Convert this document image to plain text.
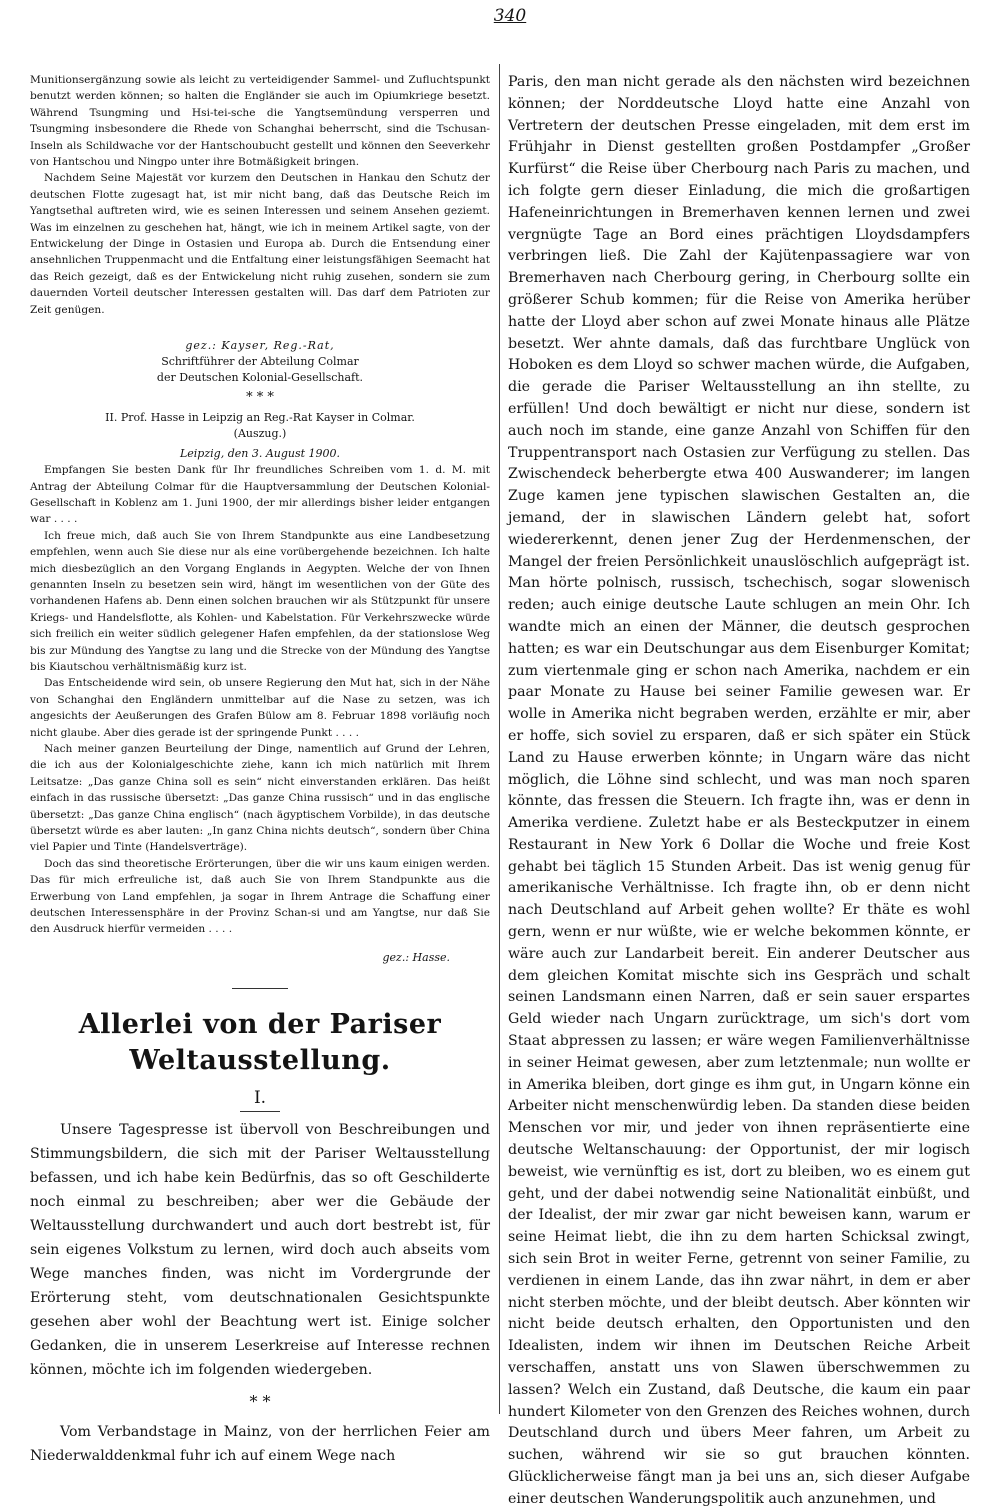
340

Munitionsergänzung sowie als leicht zu verteidigender Sammel- und Zufluchtspunkt benutzt werden können; so halten die Engländer sie auch im Opiumkriege besetzt. Während Tsungming und Hsi-tei-sche die Yangtsemündung versperren und Tsungming insbesondere die Rhede von Schanghai beherrscht, sind die Tschusan-Inseln als Schildwache vor der Hantschoubucht gestellt und können den Seeverkehr von Hantschou und Ningpo unter ihre Botmäßigkeit bringen.

Nachdem Seine Majestät vor kurzem den Deutschen in Hankau den Schutz der deutschen Flotte zugesagt hat, ist mir nicht bang, daß das Deutsche Reich im Yangtsethal auftreten wird, wie es seinen Interessen und seinem Ansehen geziemt. Was im einzelnen zu geschehen hat, hängt, wie ich in meinem Artikel sagte, von der Entwickelung der Dinge in Ostasien und Europa ab. Durch die Entsendung einer ansehnlichen Truppenmacht und die Entfaltung einer leistungsfähigen Seemacht hat das Reich gezeigt, daß es der Entwickelung nicht ruhig zusehen, sondern sie zum dauernden Vorteil deutscher Interessen gestalten will. Das darf dem Patrioten zur Zeit genügen.

gez.: Kayser, Reg.-Rat,
Schriftführer der Abteilung Colmar
der Deutschen Kolonial-Gesellschaft.
* * *
II. Prof. Hasse in Leipzig an Reg.-Rat Kayser in Colmar.
(Auszug.)
Leipzig, den 3. August 1900.

Empfangen Sie besten Dank für Ihr freundliches Schreiben vom 1. d. M. mit Antrag der Abteilung Colmar für die Hauptversammlung der Deutschen Kolonial-Gesellschaft in Koblenz am 1. Juni 1900, der mir allerdings bisher leider entgangen war . . . .

Ich freue mich, daß auch Sie von Ihrem Standpunkte aus eine Landbesetzung empfehlen, wenn auch Sie diese nur als eine vorübergehende bezeichnen. Ich halte mich diesbezüglich an den Vorgang Englands in Aegypten. Welche der von Ihnen genannten Inseln zu besetzen sein wird, hängt im wesentlichen von der Güte des vorhandenen Hafens ab. Denn einen solchen brauchen wir als Stützpunkt für unsere Kriegs- und Handelsflotte, als Kohlen- und Kabelstation. Für Verkehrszwecke würde sich freilich ein weiter südlich gelegener Hafen empfehlen, da der stationslose Weg bis zur Mündung des Yangtse zu lang und die Strecke von der Mündung des Yangtse bis Kiautschou verhältnismäßig kurz ist.

Das Entscheidende wird sein, ob unsere Regierung den Mut hat, sich in der Nähe von Schanghai den Engländern unmittelbar auf die Nase zu setzen, was ich angesichts der Aeußerungen des Grafen Bülow am 8. Februar 1898 vorläufig noch nicht glaube. Aber dies gerade ist der springende Punkt . . . .

Nach meiner ganzen Beurteilung der Dinge, namentlich auf Grund der Lehren, die ich aus der Kolonialgeschichte ziehe, kann ich mich natürlich mit Ihrem Leitsatze: „Das ganze China soll es sein“ nicht einverstanden erklären. Das heißt einfach in das russische übersetzt: „Das ganze China russisch“ und in das englische übersetzt: „Das ganze China englisch“ (nach ägyptischem Vorbilde), in das deutsche übersetzt würde es aber lauten: „In ganz China nichts deutsch“, sondern über China viel Papier und Tinte (Handelsverträge).

Doch das sind theoretische Erörterungen, über die wir uns kaum einigen werden. Das für mich erfreuliche ist, daß auch Sie von Ihrem Standpunkte aus die Erwerbung von Land empfehlen, ja sogar in Ihrem Antrage die Schaffung einer deutschen Interessensphäre in der Provinz Schan-si und am Yangtse, nur daß Sie den Ausdruck hierfür vermeiden . . . .

gez.: Hasse.
Allerlei von der Pariser Weltausstellung.
I.

Unsere Tagespresse ist übervoll von Beschreibungen und Stimmungsbildern, die sich mit der Pariser Weltausstellung befassen, und ich habe kein Bedürfnis, das so oft Geschilderte noch einmal zu beschreiben; aber wer die Gebäude der Weltausstellung durchwandert und auch dort bestrebt ist, für sein eigenes Volkstum zu lernen, wird doch auch abseits vom Wege manches finden, was nicht im Vordergrunde der Erörterung steht, vom deutschnationalen Gesichtspunkte gesehen aber wohl der Beachtung wert ist. Einige solcher Gedanken, die in unserem Leserkreise auf Interesse rechnen können, möchte ich im folgenden wiedergeben.

* *

Vom Verbandstage in Mainz, von der herrlichen Feier am Niederwalddenkmal fuhr ich auf einem Wege nach

Paris, den man nicht gerade als den nächsten wird bezeichnen können; der Norddeutsche Lloyd hatte eine Anzahl von Vertretern der deutschen Presse eingeladen, mit dem erst im Frühjahr in Dienst gestellten großen Postdampfer „Großer Kurfürst“ die Reise über Cherbourg nach Paris zu machen, und ich folgte gern dieser Einladung, die mich die großartigen Hafeneinrichtungen in Bremerhaven kennen lernen und zwei vergnügte Tage an Bord eines prächtigen Lloydsdampfers verbringen ließ. Die Zahl der Kajütenpassagiere war von Bremerhaven nach Cherbourg gering, in Cherbourg sollte ein größerer Schub kommen; für die Reise von Amerika herüber hatte der Lloyd aber schon auf zwei Monate hinaus alle Plätze besetzt. Wer ahnte damals, daß das furchtbare Unglück von Hoboken es dem Lloyd so schwer machen würde, die Aufgaben, die gerade die Pariser Weltausstellung an ihn stellte, zu erfüllen! Und doch bewältigt er nicht nur diese, sondern ist auch noch im stande, eine ganze Anzahl von Schiffen für den Truppentransport nach Ostasien zur Verfügung zu stellen. Das Zwischendeck beherbergte etwa 400 Auswanderer; im langen Zuge kamen jene typischen slawischen Gestalten an, die jemand, der in slawischen Ländern gelebt hat, sofort wiedererkennt, denen jener Zug der Herdenmenschen, der Mangel der freien Persönlichkeit unauslöschlich aufgeprägt ist. Man hörte polnisch, russisch, tschechisch, sogar slowenisch reden; auch einige deutsche Laute schlugen an mein Ohr. Ich wandte mich an einen der Männer, die deutsch gesprochen hatten; es war ein Deutschungar aus dem Eisenburger Komitat; zum viertenmale ging er schon nach Amerika, nachdem er ein paar Monate zu Hause bei seiner Familie gewesen war. Er wolle in Amerika nicht begraben werden, erzählte er mir, aber er hoffe, sich soviel zu ersparen, daß er sich später ein Stück Land zu Hause erwerben könnte; in Ungarn wäre das nicht möglich, die Löhne sind schlecht, und was man noch sparen könnte, das fressen die Steuern. Ich fragte ihn, was er denn in Amerika verdiene. Zuletzt habe er als Besteckputzer in einem Restaurant in New York 6 Dollar die Woche und freie Kost gehabt bei täglich 15 Stunden Arbeit. Das ist wenig genug für amerikanische Verhältnisse. Ich fragte ihn, ob er denn nicht nach Deutschland auf Arbeit gehen wollte? Er thäte es wohl gern, wenn er nur wüßte, wie er welche bekommen könnte, er wäre auch zur Landarbeit bereit. Ein anderer Deutscher aus dem gleichen Komitat mischte sich ins Gespräch und schalt seinen Landsmann einen Narren, daß er sein sauer erspartes Geld wieder nach Ungarn zurücktrage, um sich's dort vom Staat abpressen zu lassen; er wäre wegen Familienverhältnisse in seiner Heimat gewesen, aber zum letztenmale; nun wollte er in Amerika bleiben, dort ginge es ihm gut, in Ungarn könne ein Arbeiter nicht menschenwürdig leben. Da standen diese beiden Menschen vor mir, und jeder von ihnen repräsentierte eine deutsche Weltanschauung: der Opportunist, der mir logisch beweist, wie vernünftig es ist, dort zu bleiben, wo es einem gut geht, und der dabei notwendig seine Nationalität einbüßt, und der Idealist, der mir zwar gar nicht beweisen kann, warum er seine Heimat liebt, die ihn zu dem harten Schicksal zwingt, sich sein Brot in weiter Ferne, getrennt von seiner Familie, zu verdienen in einem Lande, das ihn zwar nährt, in dem er aber nicht sterben möchte, und der bleibt deutsch. Aber könnten wir nicht beide deutsch erhalten, den Opportunisten und den Idealisten, indem wir ihnen im Deutschen Reiche Arbeit verschaffen, anstatt uns von Slawen überschwemmen zu lassen? Welch ein Zustand, daß Deutsche, die kaum ein paar hundert Kilometer von den Grenzen des Reiches wohnen, durch Deutschland durch und übers Meer fahren, um Arbeit zu suchen, während wir sie so gut brauchen könnten. Glücklicherweise fängt man ja bei uns an, sich dieser Aufgabe einer deutschen Wanderungspolitik auch anzunehmen, und
